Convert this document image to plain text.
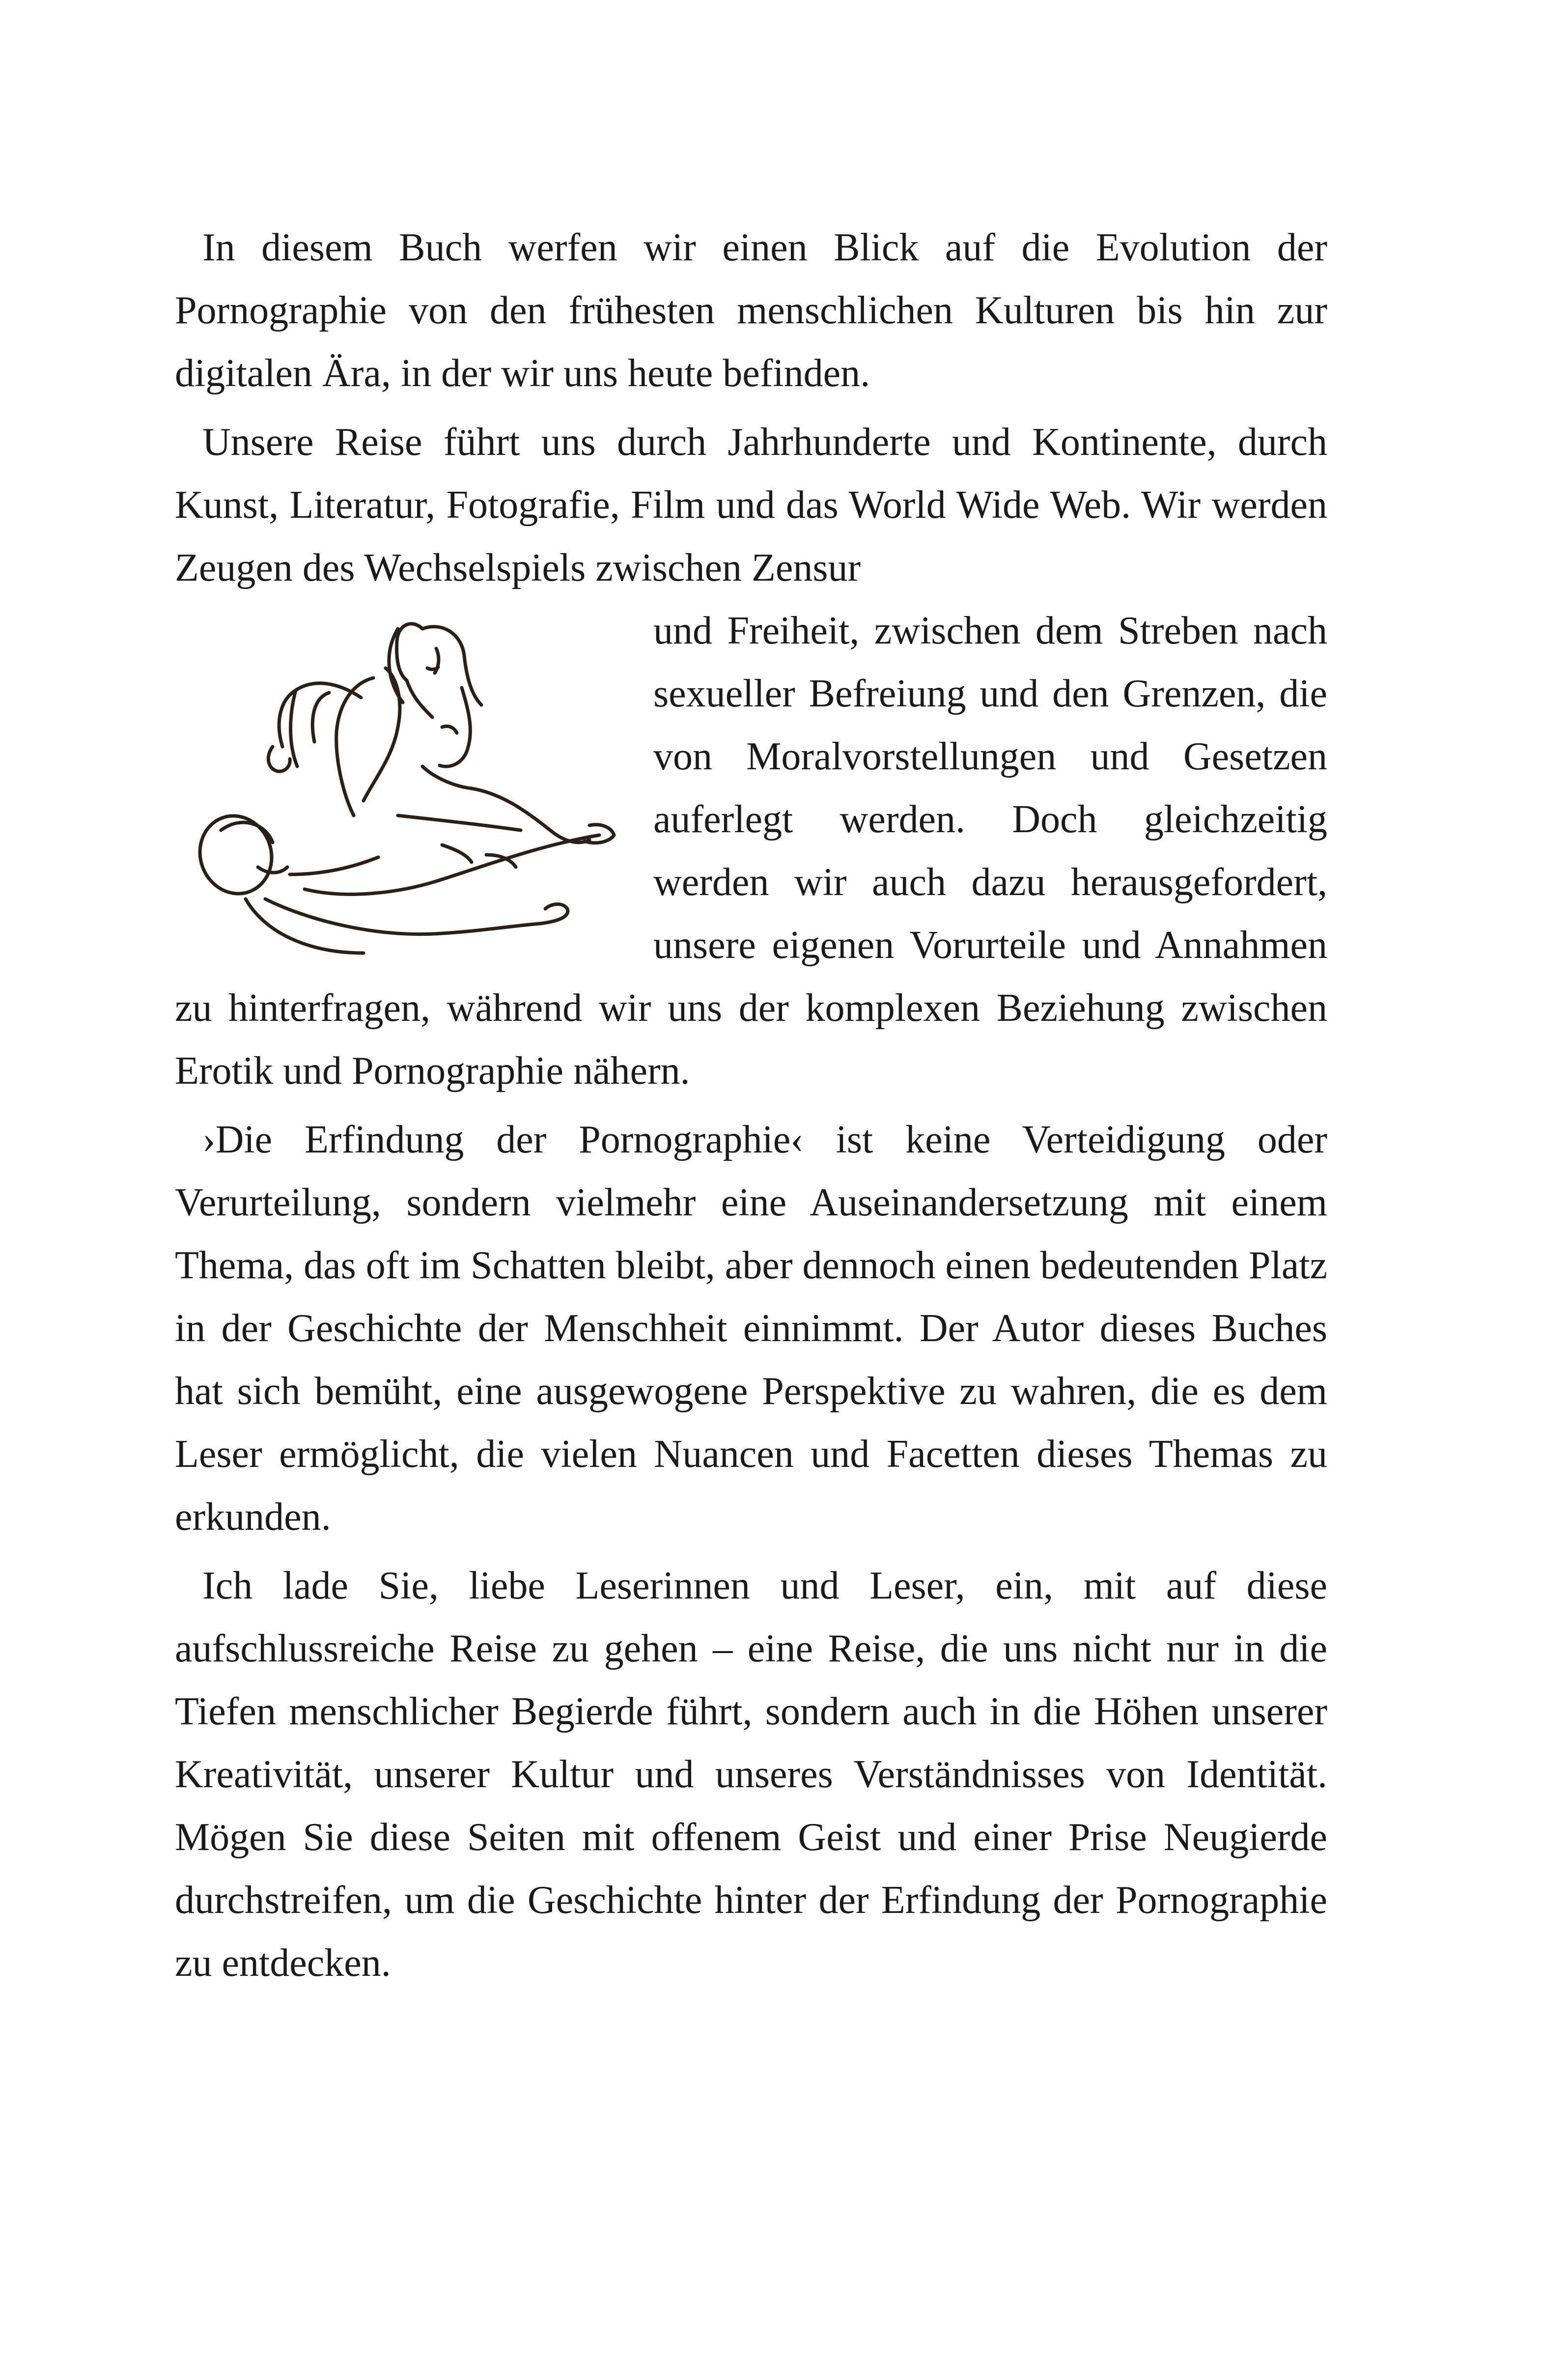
In diesem Buch werfen wir einen Blick auf die Evolution der Pornographie von den frühesten menschlichen Kulturen bis hin zur digitalen Ära, in der wir uns heute befinden.

Unsere Reise führt uns durch Jahrhunderte und Kontinente, durch Kunst, Literatur, Fotografie, Film und das World Wide Web. Wir werden Zeugen des Wechselspiels zwischen Zensur

und Freiheit, zwischen dem Streben nach sexueller Befreiung und den Grenzen, die von Moralvorstellungen und Gesetzen auferlegt werden. Doch gleichzeitig werden wir auch dazu herausgefordert, unsere eigenen Vorurteile und Annahmen zu hinterfragen, während wir uns der komplexen Beziehung zwischen Erotik und Pornographie nähern.

›Die Erfindung der Pornographie‹ ist keine Verteidigung oder Verurteilung, sondern vielmehr eine Auseinandersetzung mit einem Thema, das oft im Schatten bleibt, aber dennoch einen bedeutenden Platz in der Geschichte der Menschheit einnimmt. Der Autor dieses Buches hat sich bemüht, eine ausgewogene Perspektive zu wahren, die es dem Leser ermöglicht, die vielen Nuancen und Facetten dieses Themas zu erkunden.

Ich lade Sie, liebe Leserinnen und Leser, ein, mit auf diese aufschlussreiche Reise zu gehen – eine Reise, die uns nicht nur in die Tiefen menschlicher Begierde führt, sondern auch in die Höhen unserer Kreativität, unserer Kultur und unseres Verständnisses von Identität. Mögen Sie diese Seiten mit offenem Geist und einer Prise Neugierde durchstreifen, um die Geschichte hinter der Erfindung der Pornographie zu entdecken.
